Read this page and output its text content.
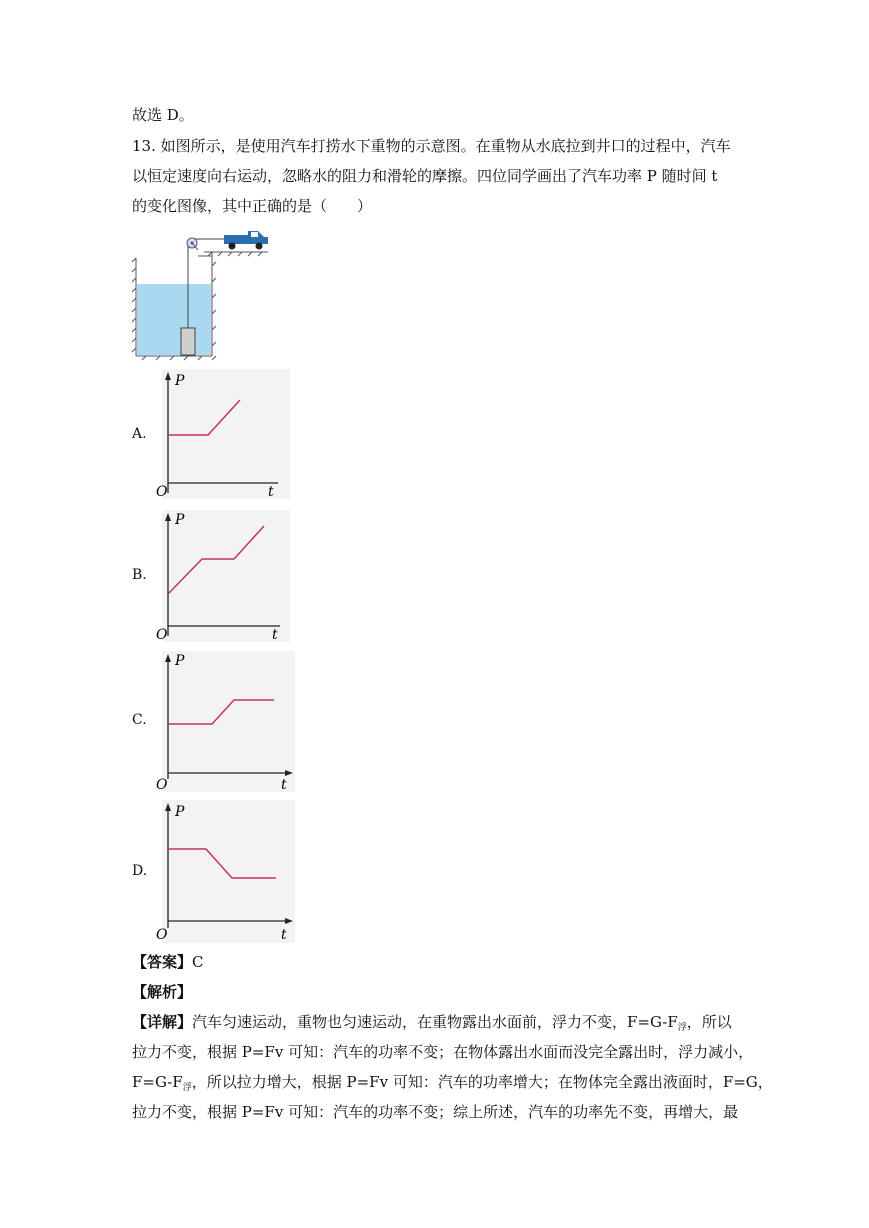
故选 D。
13. 如图所示，是使用汽车打捞水下重物的示意图。在重物从水底拉到井口的过程中，汽车
以恒定速度向右运动，忽略水的阻力和滑轮的摩擦。四位同学画出了汽车功率 P 随时间 t
的变化图像，其中正确的是（　　）
A.
P
t
O
B.
P
t
O
C.
P
t
O
D.
P
t
O
【答案】C
【解析】
【详解】汽车匀速运动，重物也匀速运动，在重物露出水面前，浮力不变，$F=G-F_浮$，所以
拉力不变，根据 P=Fv 可知：汽车的功率不变；在物体露出水面而没完全露出时，浮力减小，
$F=G-F_浮$，所以拉力增大，根据 P=Fv 可知：汽车的功率增大；在物体完全露出液面时，F=G，
拉力不变，根据 P=Fv 可知：汽车的功率不变；综上所述，汽车的功率先不变，再增大，最
